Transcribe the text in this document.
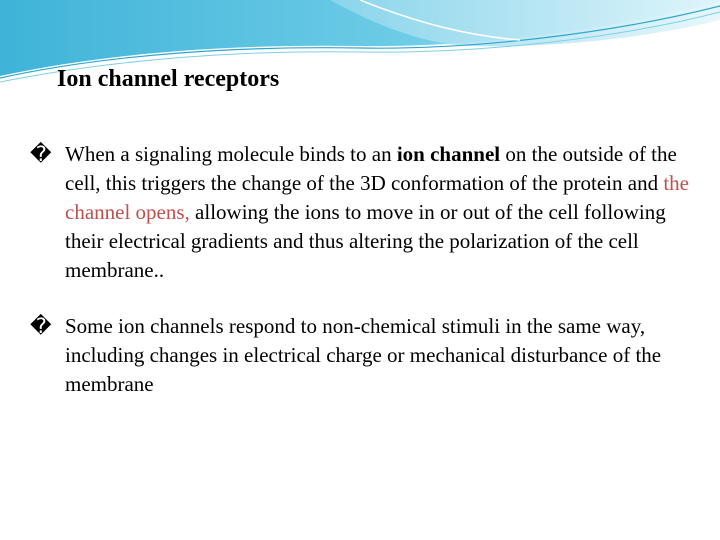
Ion channel receptors

� When a signaling molecule binds to an ion channel on the outside of the cell, this triggers the change of the 3D conformation of the protein and the channel opens, allowing the ions to move in or out of the cell following their electrical gradients and thus altering the polarization of the cell membrane..

� Some ion channels respond to non-chemical stimuli in the same way, including changes in electrical charge or mechanical disturbance of the membrane
